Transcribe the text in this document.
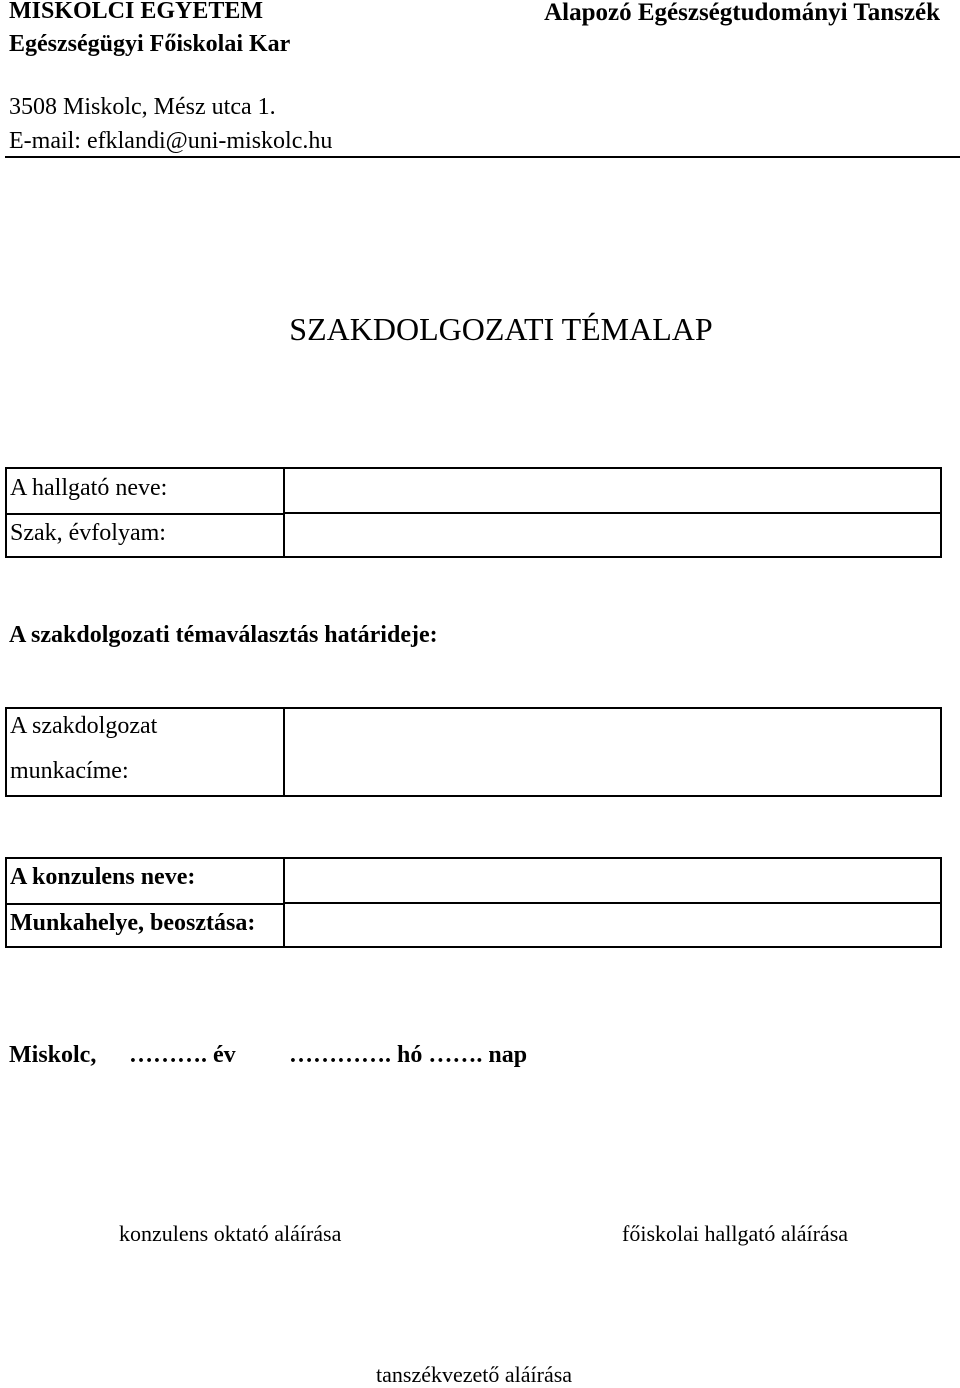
MISKOLCI EGYETEM
Egészségügyi Főiskolai Kar
Alapozó Egészségtudományi Tanszék
3508 Miskolc, Mész utca 1.
E-mail: efklandi@uni-miskolc.hu
SZAKDOLGOZATI TÉMALAP
A hallgató neve:
Szak, évfolyam:
A szakdolgozati témaválasztás határideje:
A szakdolgozat
munkacíme:
A konzulens neve:
Munkahelye, beosztása:
Miskolc, ………. év …………. hó ……. nap
konzulens oktató aláírása	főiskolai hallgató aláírása
tanszékvezető aláírása
